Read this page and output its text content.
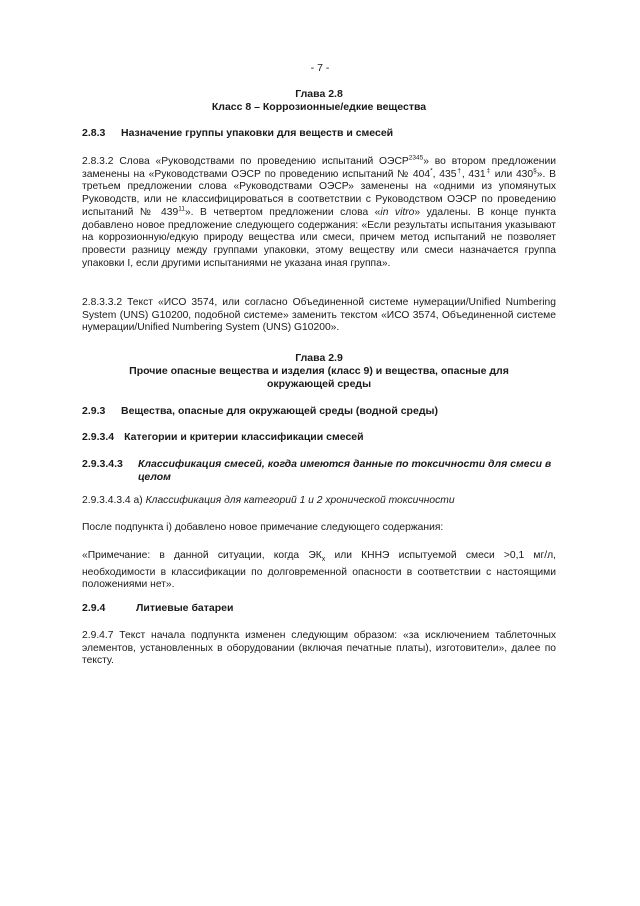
- 7 -
Глава 2.8
Класс 8 – Коррозионные/едкие вещества
2.8.3	Назначение группы упаковки для веществ и смесей

2.8.3.2 Слова «Руководствами по проведению испытаний $ОЭСР^{2345}$» во втором предложении заменены на «Руководствами ОЭСР по проведению испытаний № 404*, 435†, 431‡ или 430§». В третьем предложении слова «Руководствами ОЭСР» заменены на «одними из упомянутых Руководств, или не классифицироваться в соответствии с Руководством ОЭСР по проведению испытаний № $439^{11}$». В четвертом предложении слова «in vitro» удалены. В конце пункта добавлено новое предложение следующего содержания: «Если результаты испытания указывают на коррозионную/едкую природу вещества или смеси, причем метод испытаний не позволяет провести разницу между группами упаковки, этому веществу или смеси назначается группа упаковки I, если другими испытаниями не указана иная группа».

2.8.3.3.2 Текст «ИСО 3574, или согласно Объединенной системе нумерации/Unified Numbering System (UNS) G10200, подобной системе» заменить текстом «ИСО 3574, Объединенной системе нумерации/Unified Numbering System (UNS) G10200».

Глава 2.9
Прочие опасные вещества и изделия (класс 9) и вещества, опасные для окружающей среды
2.9.3	Вещества, опасные для окружающей среды (водной среды)
2.9.3.4 Категории и критерии классификации смесей
2.9.3.4.3	Классификация смесей, когда имеются данные по токсичности для смеси в целом

2.9.3.4.3.4 a) Классификация для категорий 1 и 2 хронической токсичности

После подпункта i) добавлено новое примечание следующего содержания:

«Примечание: в данной ситуации, когда $ЭК_x$ или КННЭ испытуемой смеси >0,1 мг/л, необходимости в классификации по долговременной опасности в соответствии с настоящими положениями нет».

2.9.4	Литиевые батареи

2.9.4.7 Текст начала подпункта изменен следующим образом: «за исключением таблеточных элементов, установленных в оборудовании (включая печатные платы), изготовители», далее по тексту.
